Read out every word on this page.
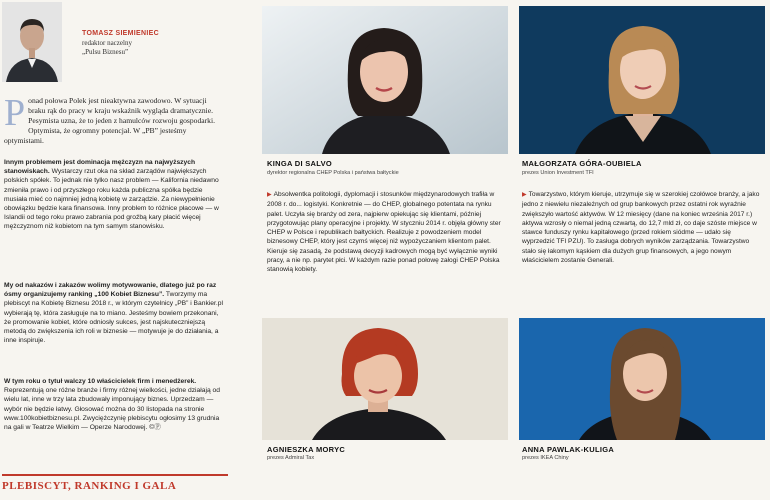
TOMASZ SIEMIENIEC
redaktor naczelny
„Pulsu Biznesu”
P onad połowa Polek jest nieaktywna zawodowo. W sytuacji braku rąk do pracy w kraju wskaźnik wygląda dramatycznie. Pesymista uzna, że to jeden z hamulców rozwoju gospodarki. Optymista, że ogromny potencjał. W „PB” jesteśmy optymistami.
Innym problemem jest dominacja mężczyzn na najwyższych stanowiskach. Wystarczy rzut oka na skład zarządów największych polskich spółek. To jednak nie tylko nasz problem — Kalifornia niedawno zmieniła prawo i od przyszłego roku każda publiczna spółka będzie musiała mieć co najmniej jedną kobietę w zarządzie. Za niewypełnienie obowiązku będzie kara finansowa. Inny problem to różnice płacowe — w Islandii od tego roku prawo zabrania pod groźbą kary płacić więcej mężczyznom niż kobietom na tym samym stanowisku.
My od nakazów i zakazów wolimy motywowanie, dlatego już po raz ósmy organizujemy ranking „100 Kobiet Biznesu”. Tworzymy ma plebiscyt na Kobietę Biznesu 2018 r., w którym czytelnicy „PB” i Bankier.pl wybierają tę, która zasługuje na to miano. Jesteśmy bowiem przekonani, że promowanie kobiet, które odniosły sukces, jest najskuteczniejszą metodą do zwiększenia ich roli w biznesie — motywuje je do działania, a inne inspiruje.
W tym roku o tytuł walczy 10 właścicielek firm i menedżerek. Reprezentują one różne branże i firmy różnej wielkości, jedne działają od wielu lat, inne w trzy lata zbudowały imponujący biznes. Uprzedzam — wybór nie będzie łatwy. Głosować można do 30 listopada na stronie www.100kobietbiznesu.pl. Zwyciężczynię plebiscytu ogłosimy 13 grudnia na gali w Teatrze Wielkim — Operze Narodowej. ©Ⓟ
PLEBISCYT, RANKING I GALA
KINGA DI SALVO
dyrektor regionalna CHEP Polska i państwa bałtyckie
▶ Absolwentka politologii, dyplomacji i stosunków międzynarodowych trafiła w 2008 r. do... logistyki. Konkretnie — do CHEP, globalnego potentata na rynku palet. Uczyła się branży od zera, najpierw opiekując się klientami, później przygotowując plany operacyjne i projekty. W styczniu 2014 r. objęła główny ster CHEP w Polsce i republikach bałtyckich. Realizuje z powodzeniem model biznesowy CHEP, który jest czymś więcej niż wypożyczaniem klientom palet. Kieruje się zasadą, że podstawą decyzji kadrowych mogą być wyłącznie wyniki pracy, a nie np. parytet płci. W każdym razie ponad połowę załogi CHEP Polska stanowią kobiety.
MAŁGORZATA GÓRA-OUBIELA
prezes Union Investment TFI
▶ Towarzystwo, którym kieruje, utrzymuje się w szerokiej czołówce branży, a jako jedno z niewielu niezależnych od grup bankowych przez ostatni rok wyraźnie zwiększyło wartość aktywów. W 12 miesięcy (dane na koniec września 2017 r.) aktywa wzrosły o niemal jedną czwartą, do 12,7 mld zł, co daje szóste miejsce w stawce funduszy rynku kapitałowego (przed rokiem siódme — udało się wyprzedzić TFI PZU). To zasługa dobrych wyników zarządzania. Towarzystwo stało się łakomym kąskiem dla dużych grup finansowych, a jego nowym właścicielem zostanie Generali.
AGNIESZKA MORYC
prezes Admiral Tax
ANNA PAWLAK-KULIGA
prezes IKEA Chiny
